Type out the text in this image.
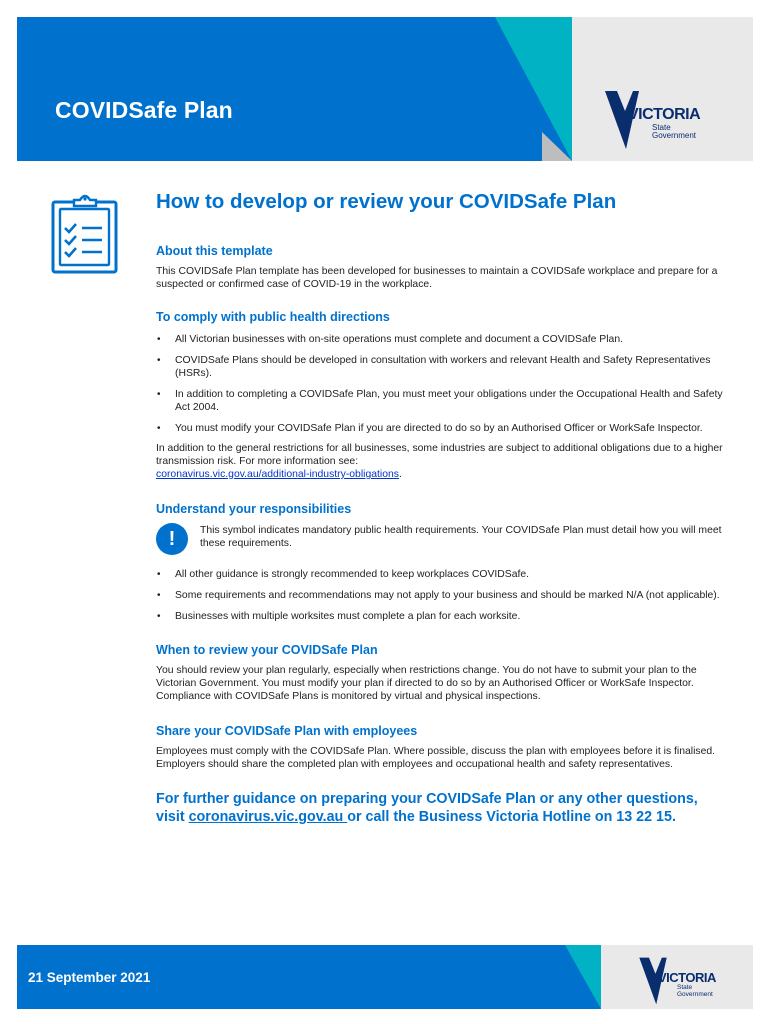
COVIDSafe Plan	VICTORIA
State
Government
How to develop or review your COVIDSafe Plan
About this template

This COVIDSafe Plan template has been developed for businesses to maintain a COVIDSafe workplace and prepare for a suspected or confirmed case of COVID-19 in the workplace.

To comply with public health directions
• All Victorian businesses with on-site operations must complete and document a COVIDSafe Plan.
• COVIDSafe Plans should be developed in consultation with workers and relevant Health and Safety Representatives (HSRs).
• In addition to completing a COVIDSafe Plan, you must meet your obligations under the Occupational Health and Safety Act 2004.
• You must modify your COVIDSafe Plan if you are directed to do so by an Authorised Officer or WorkSafe Inspector.

In addition to the general restrictions for all businesses, some industries are subject to additional obligations due to a higher transmission risk. For more information see:
coronavirus.vic.gov.au/additional-industry-obligations.

Understand your responsibilities
!	This symbol indicates mandatory public health requirements. Your COVIDSafe Plan must detail how you will meet these requirements.

• All other guidance is strongly recommended to keep workplaces COVIDSafe.
• Some requirements and recommendations may not apply to your business and should be marked N/A (not applicable).
• Businesses with multiple worksites must complete a plan for each worksite.
When to review your COVIDSafe Plan

You should review your plan regularly, especially when restrictions change. You do not have to submit your plan to the Victorian Government. You must modify your plan if directed to do so by an Authorised Officer or WorkSafe Inspector. Compliance with COVIDSafe Plans is monitored by virtual and physical inspections.

Share your COVIDSafe Plan with employees

Employees must comply with the COVIDSafe Plan. Where possible, discuss the plan with employees before it is finalised. Employers should share the completed plan with employees and occupational health and safety representatives.

For further guidance on preparing your COVIDSafe Plan or any other questions, visit coronavirus.vic.gov.au or call the Business Victoria Hotline on 13 22 15.
21 September 2021	VICTORIA
State
Government
